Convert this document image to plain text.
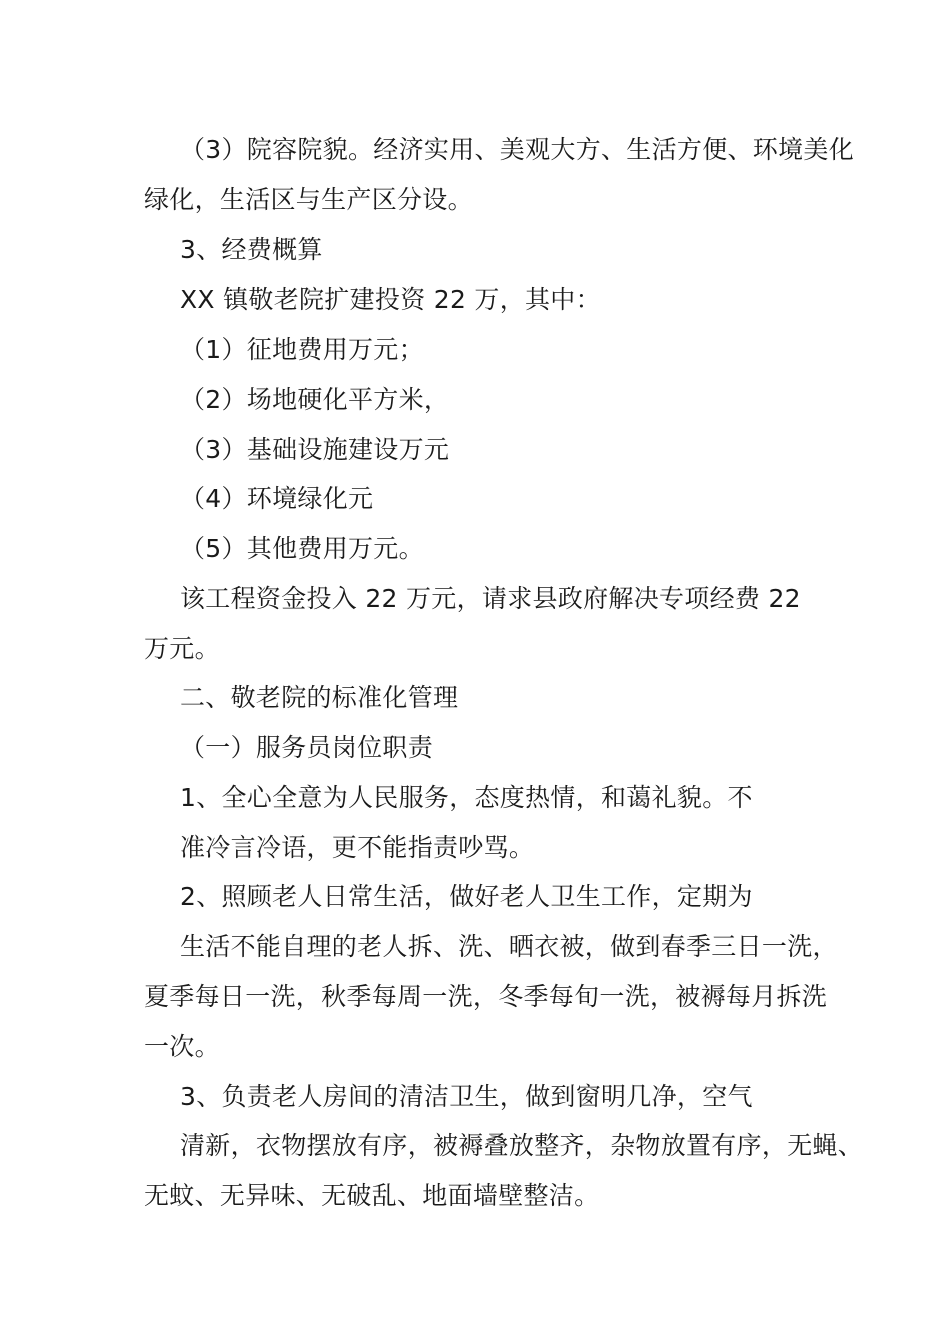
（3）院容院貌。经济实用、美观大方、生活方便、环境美化
绿化，生活区与生产区分设。
3、经费概算
XX 镇敬老院扩建投资 22 万，其中：
（1）征地费用万元；
（2）场地硬化平方米，
（3）基础设施建设万元
（4）环境绿化元
（5）其他费用万元。
该工程资金投入 22 万元，请求县政府解决专项经费 22
万元。
二、敬老院的标准化管理
（一）服务员岗位职责
1、全心全意为人民服务，态度热情，和蔼礼貌。不
准冷言冷语，更不能指责吵骂。
2、照顾老人日常生活，做好老人卫生工作，定期为
生活不能自理的老人拆、洗、晒衣被，做到春季三日一洗，
夏季每日一洗，秋季每周一洗，冬季每旬一洗，被褥每月拆洗
一次。
3、负责老人房间的清洁卫生，做到窗明几净，空气
清新，衣物摆放有序，被褥叠放整齐，杂物放置有序，无蝇、
无蚊、无异味、无破乱、地面墙壁整洁。
